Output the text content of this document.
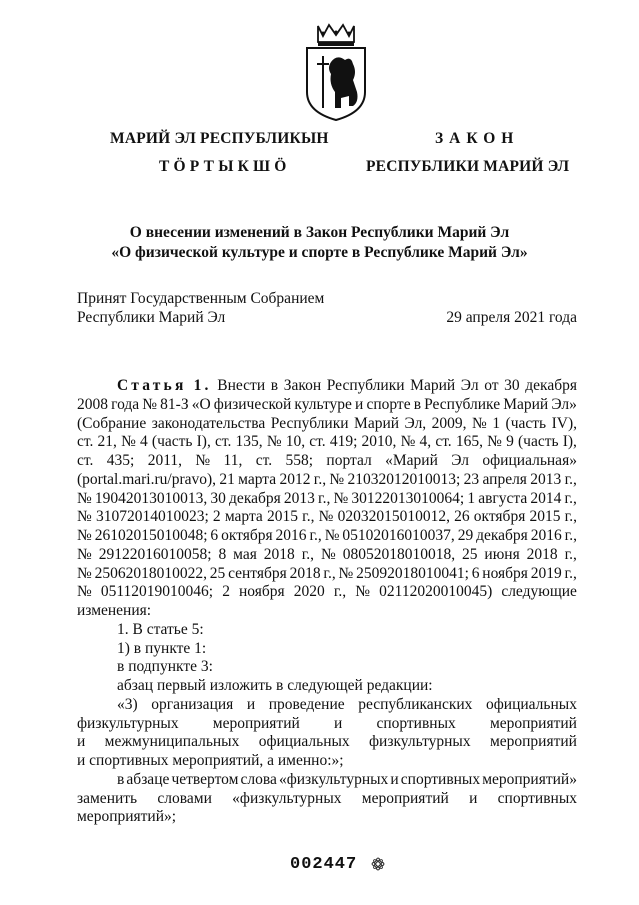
МАРИЙ ЭЛ РЕСПУБЛИКЫН
ТӦРТЫКШӦ
ЗАКОН
РЕСПУБЛИКИ МАРИЙ ЭЛ
О внесении изменений в Закон Республики Марий Эл
«О физической культуре и спорте в Республике Марий Эл»
Принят Государственным Собранием
Республики Марий Эл	29 апреля 2021 года
Статья 1. Внести в Закон Республики Марий Эл от 30 декабря
2008 года № 81-З «О физической культуре и спорте в Республике Марий Эл»
(Собрание законодательства Республики Марий Эл, 2009, № 1 (часть IV),
ст. 21, № 4 (часть I), ст. 135, № 10, ст. 419; 2010, № 4, ст. 165, № 9 (часть I),
ст. 435; 2011, № 11, ст. 558; портал «Марий Эл официальная»
(portal.mari.ru/pravo), 21 марта 2012 г., № 21032012010013; 23 апреля 2013 г.,
№ 19042013010013, 30 декабря 2013 г., № 30122013010064; 1 августа 2014 г.,
№ 31072014010023; 2 марта 2015 г., № 02032015010012, 26 октября 2015 г.,
№ 26102015010048; 6 октября 2016 г., № 05102016010037, 29 декабря 2016 г.,
№ 29122016010058; 8 мая 2018 г., № 08052018010018, 25 июня 2018 г.,
№ 25062018010022, 25 сентября 2018 г., № 25092018010041; 6 ноября 2019 г.,
№ 05112019010046; 2 ноября 2020 г., № 02112020010045) следующие
изменения:
1. В статье 5:
1) в пункте 1:
в подпункте 3:
абзац первый изложить в следующей редакции:
«3) организация и проведение республиканских официальных
физкультурных мероприятий и спортивных мероприятий
и межмуниципальных официальных физкультурных мероприятий
и спортивных мероприятий, а именно:»;
в абзаце четвертом слова «физкультурных и спортивных мероприятий»
заменить словами «физкультурных мероприятий и спортивных
мероприятий»;
002447
